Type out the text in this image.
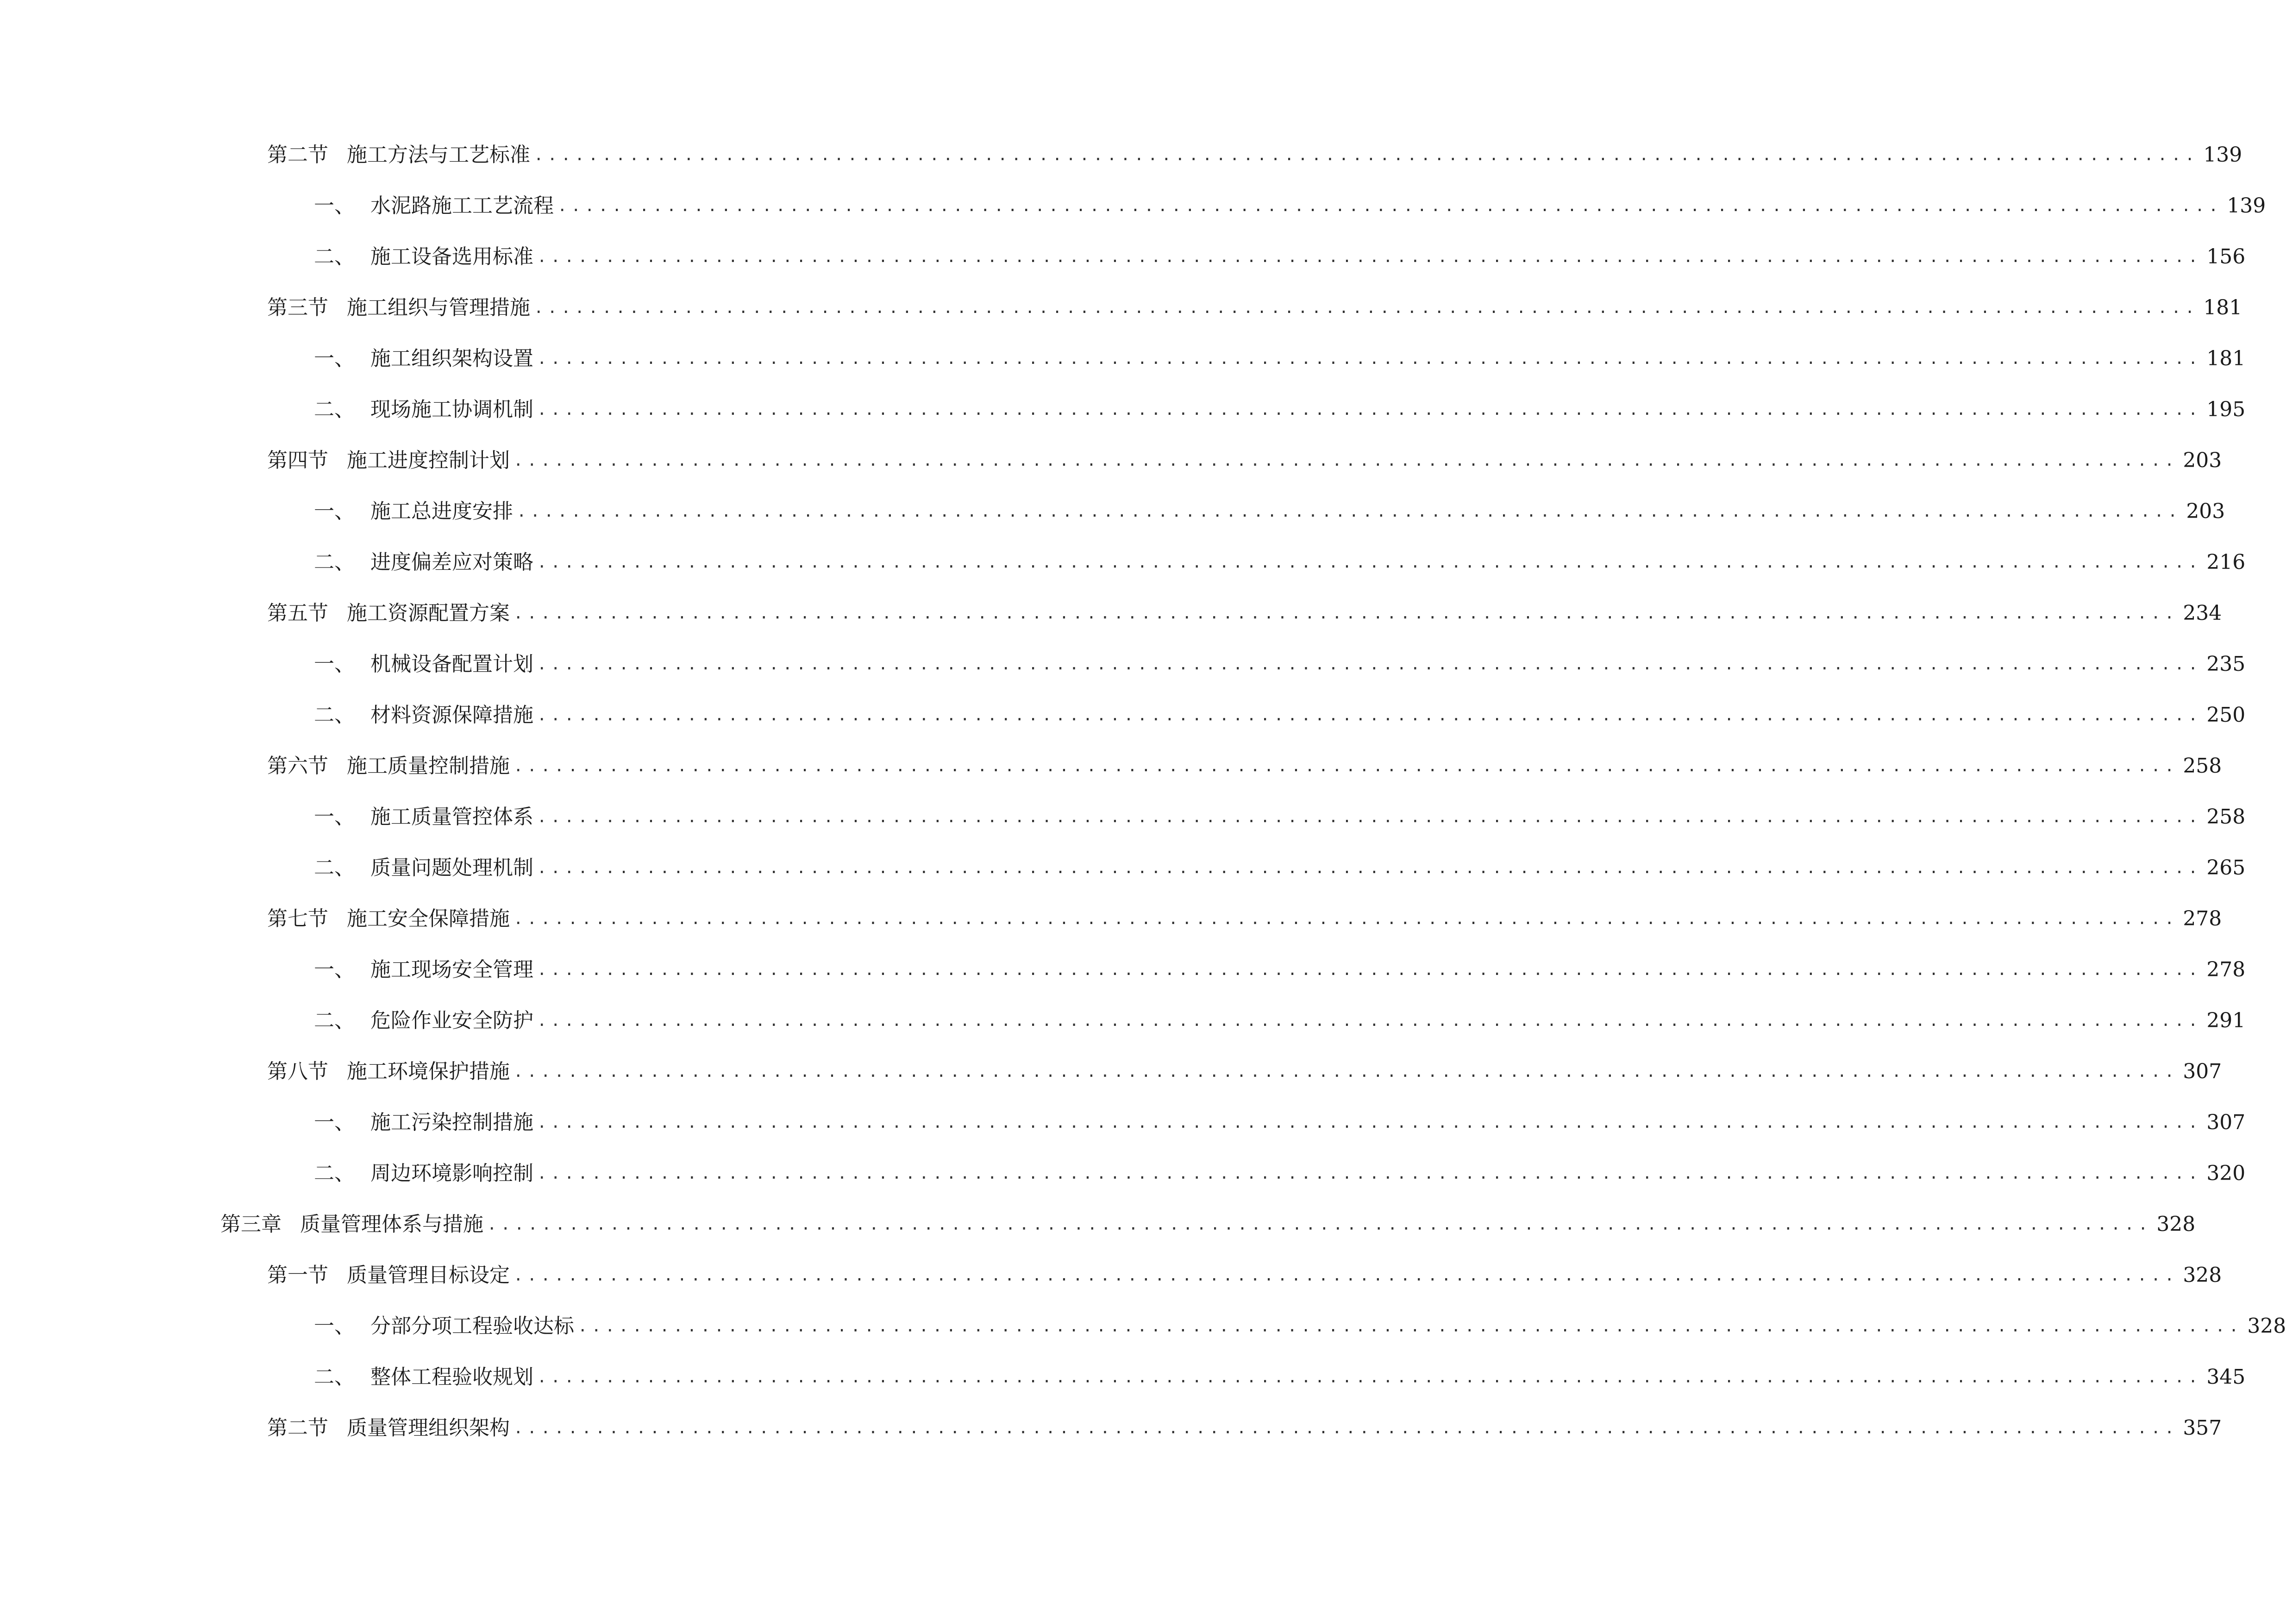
第二节 施工方法与工艺标准 .......................................................................................................................... 139
一、 水泥路施工工艺流程 .......................................................................................................................... 139
二、 施工设备选用标准 .......................................................................................................................... 156
第三节 施工组织与管理措施 .......................................................................................................................... 181
一、 施工组织架构设置 .......................................................................................................................... 181
二、 现场施工协调机制 .......................................................................................................................... 195
第四节 施工进度控制计划 .......................................................................................................................... 203
一、 施工总进度安排 .......................................................................................................................... 203
二、 进度偏差应对策略 .......................................................................................................................... 216
第五节 施工资源配置方案 .......................................................................................................................... 234
一、 机械设备配置计划 .......................................................................................................................... 235
二、 材料资源保障措施 .......................................................................................................................... 250
第六节 施工质量控制措施 .......................................................................................................................... 258
一、 施工质量管控体系 .......................................................................................................................... 258
二、 质量问题处理机制 .......................................................................................................................... 265
第七节 施工安全保障措施 .......................................................................................................................... 278
一、 施工现场安全管理 .......................................................................................................................... 278
二、 危险作业安全防护 .......................................................................................................................... 291
第八节 施工环境保护措施 .......................................................................................................................... 307
一、 施工污染控制措施 .......................................................................................................................... 307
二、 周边环境影响控制 .......................................................................................................................... 320
第三章 质量管理体系与措施 .......................................................................................................................... 328
第一节 质量管理目标设定 .......................................................................................................................... 328
一、 分部分项工程验收达标 .......................................................................................................................... 328
二、 整体工程验收规划 .......................................................................................................................... 345
第二节 质量管理组织架构 .......................................................................................................................... 357
